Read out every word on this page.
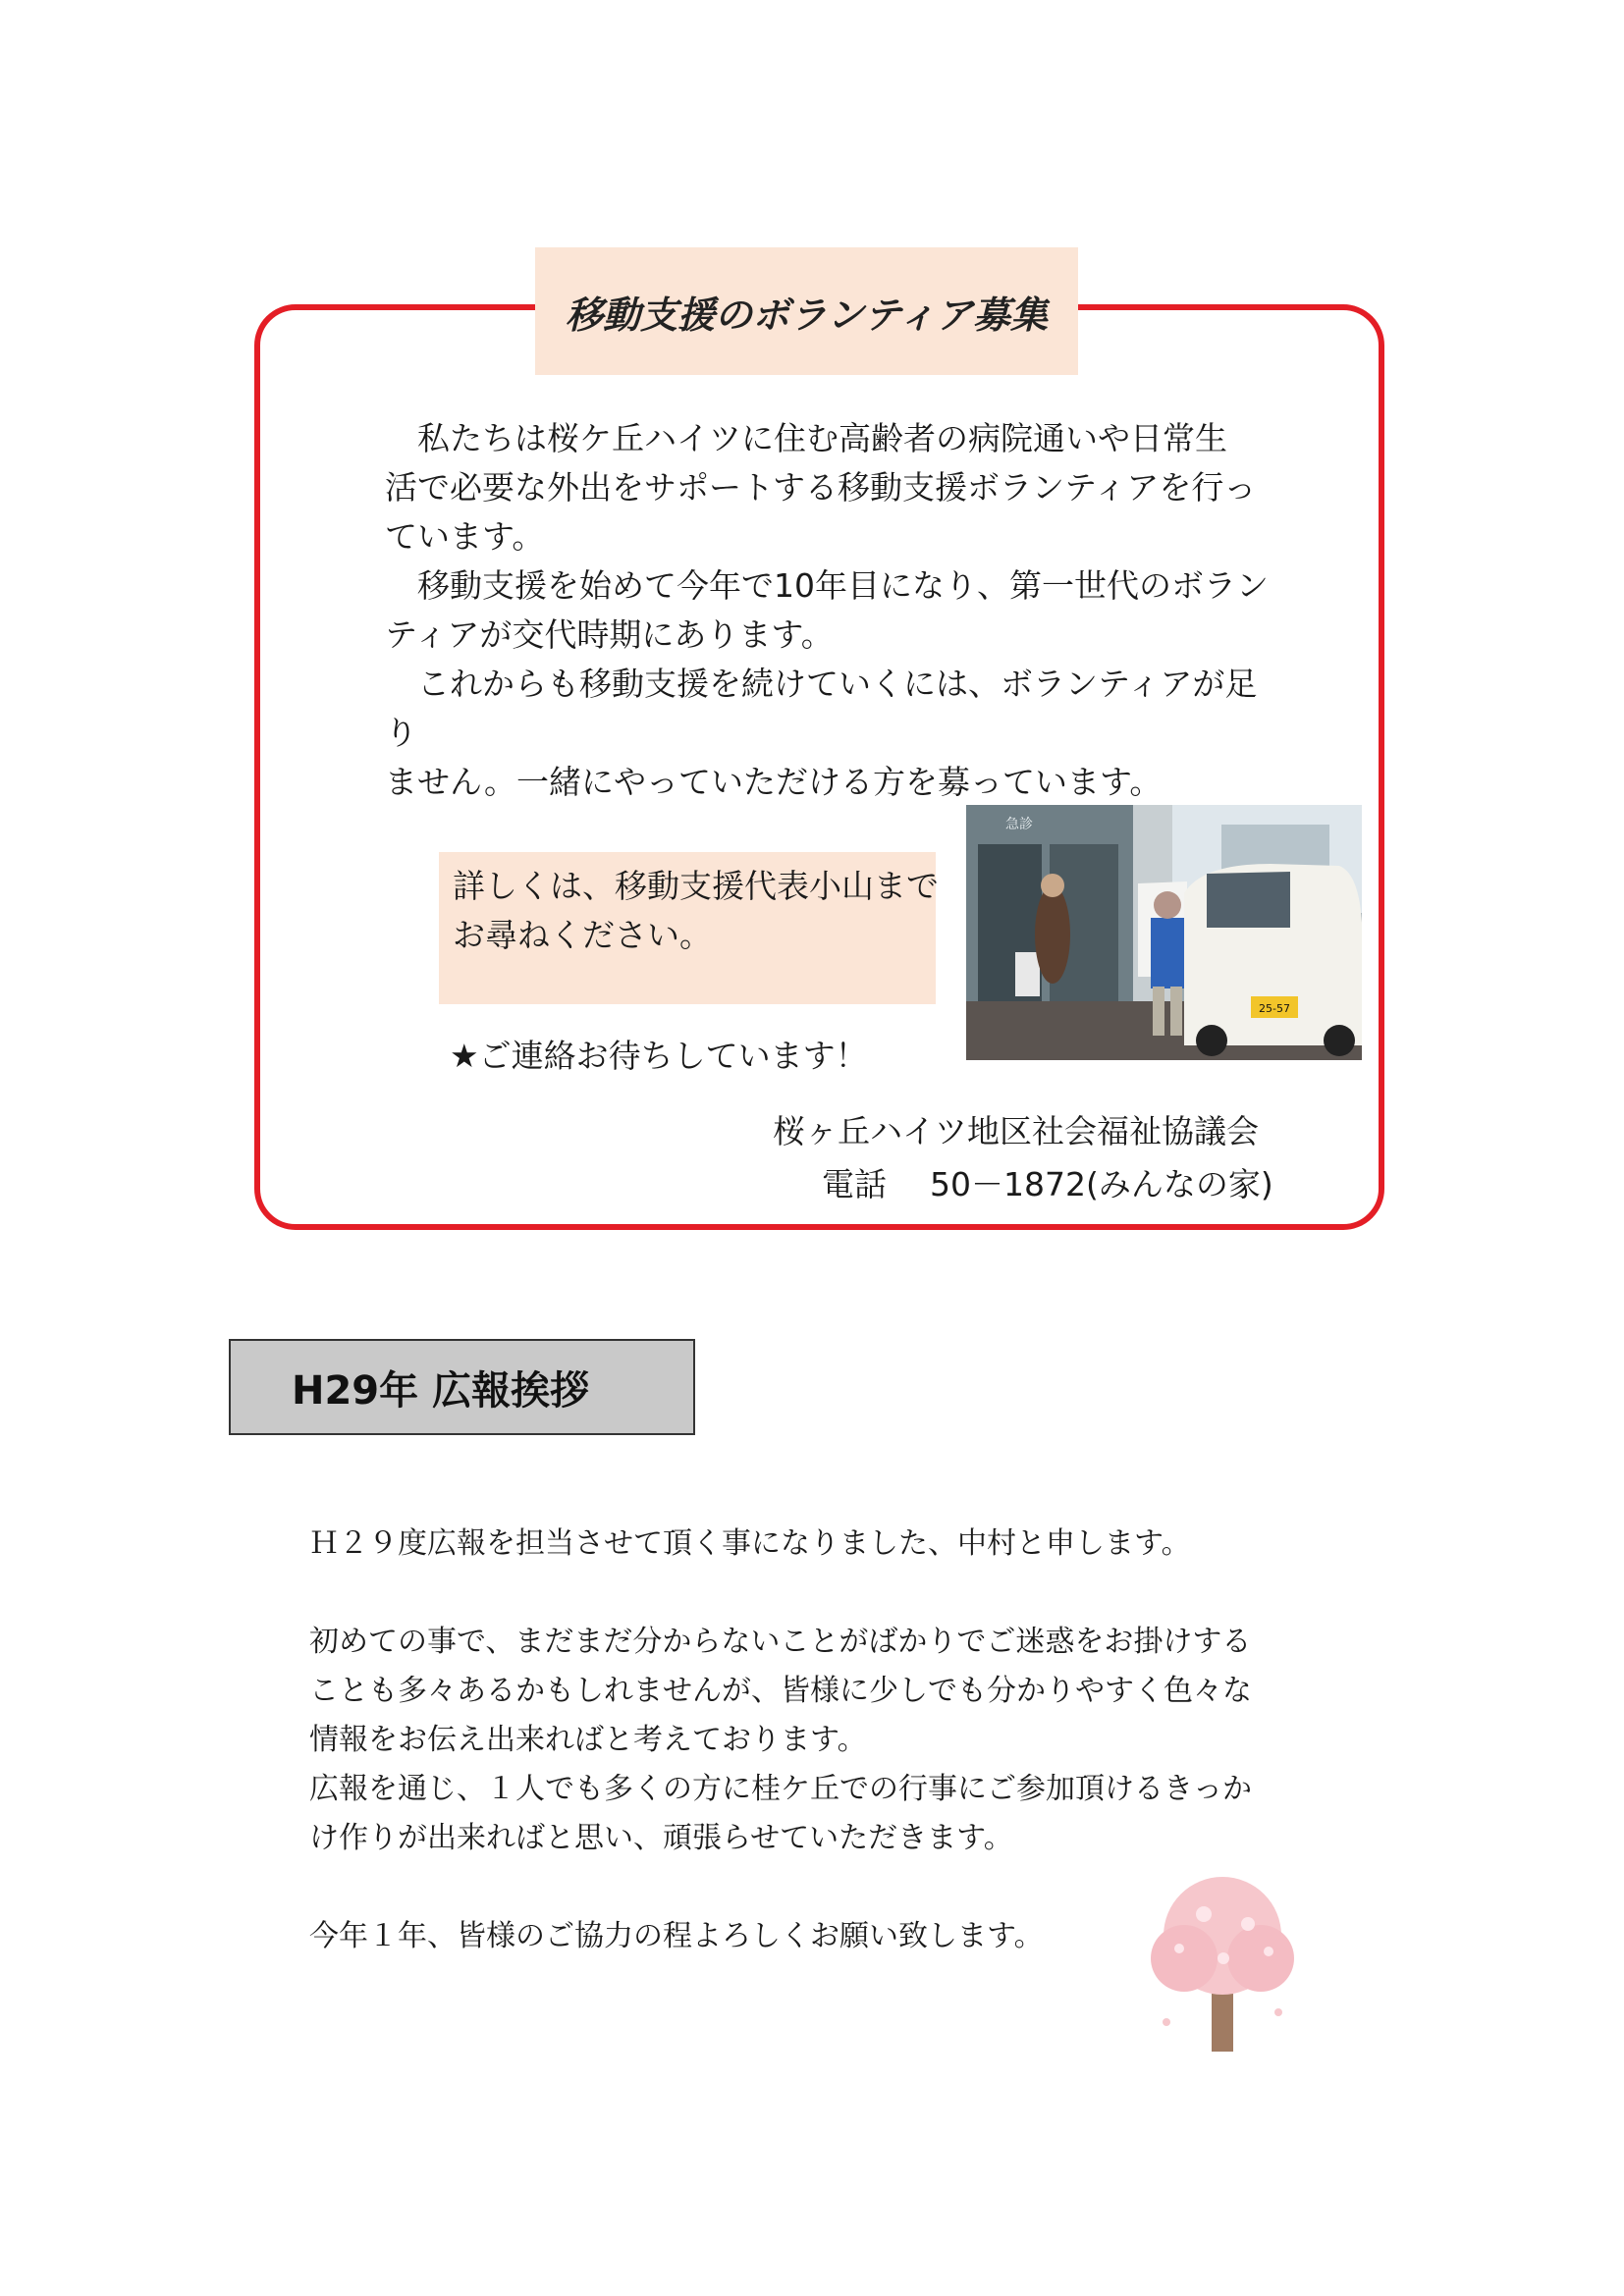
移動支援のボランティア募集

　私たちは桜ケ丘ハイツに住む高齢者の病院通いや日常生

活で必要な外出をサポートする移動支援ボランティアを行っ

ています。

　移動支援を始めて今年で10年目になり、第一世代のボラン

ティアが交代時期にあります。

　これからも移動支援を続けていくには、ボランティアが足り

ません。一緒にやっていただける方を募っています。

詳しくは、移動支援代表小山まで
お尋ねください。
25-57
急診
★ご連絡お待ちしています！
桜ヶ丘ハイツ地区社会福祉協議会
電話 50－1872(みんなの家)
H29年 広報挨拶

Ｈ２９度広報を担当させて頂く事になりました、中村と申します。

初めての事で、まだまだ分からないことがばかりでご迷惑をお掛けする

ことも多々あるかもしれませんが、皆様に少しでも分かりやすく色々な

情報をお伝え出来ればと考えております。

広報を通じ、１人でも多くの方に桂ケ丘での行事にご参加頂けるきっか

け作りが出来ればと思い、頑張らせていただきます。

今年１年、皆様のご協力の程よろしくお願い致します。
